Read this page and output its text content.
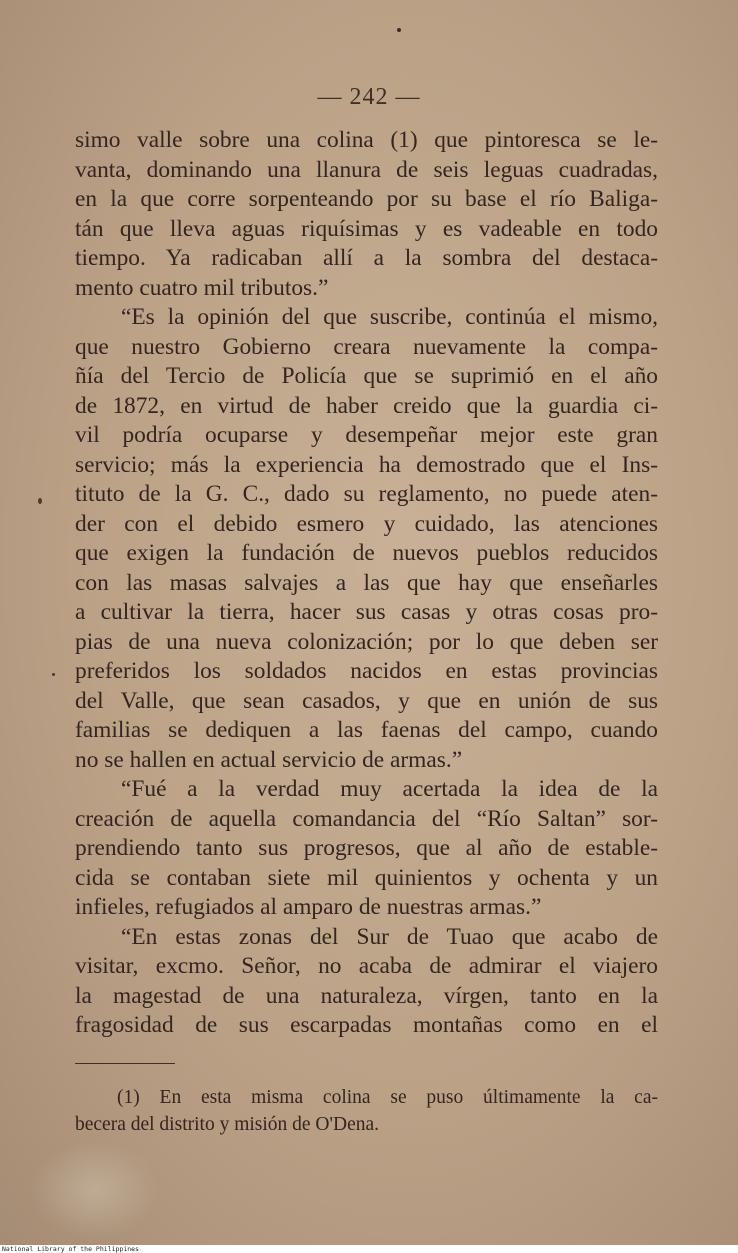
— 242 —
simo valle sobre una colina (1) que pintoresca se le-
vanta, dominando una llanura de seis leguas cuadradas,
en la que corre sorpenteando por su base el río Baliga-
tán que lleva aguas riquísimas y es vadeable en todo
tiempo. Ya radicaban allí a la sombra del destaca-
mento cuatro mil tributos.”
“Es la opinión del que suscribe, continúa el mismo,
que nuestro Gobierno creara nuevamente la compa-
ñía del Tercio de Policía que se suprimió en el año
de 1872, en virtud de haber creido que la guardia ci-
vil podría ocuparse y desempeñar mejor este gran
servicio; más la experiencia ha demostrado que el Ins-
tituto de la G. C., dado su reglamento, no puede aten-
der con el debido esmero y cuidado, las atenciones
que exigen la fundación de nuevos pueblos reducidos
con las masas salvajes a las que hay que enseñarles
a cultivar la tierra, hacer sus casas y otras cosas pro-
pias de una nueva colonización; por lo que deben ser
preferidos los soldados nacidos en estas provincias
del Valle, que sean casados, y que en unión de sus
familias se dediquen a las faenas del campo, cuando
no se hallen en actual servicio de armas.”
“Fué a la verdad muy acertada la idea de la
creación de aquella comandancia del “Río Saltan” sor-
prendiendo tanto sus progresos, que al año de estable-
cida se contaban siete mil quinientos y ochenta y un
infieles, refugiados al amparo de nuestras armas.”
“En estas zonas del Sur de Tuao que acabo de
visitar, excmo. Señor, no acaba de admirar el viajero
la magestad de una naturaleza, vírgen, tanto en la
fragosidad de sus escarpadas montañas como en el
(1) En esta misma colina se puso últimamente la ca-
becera del distrito y misión de O'Dena.
National Library of the Philippines
